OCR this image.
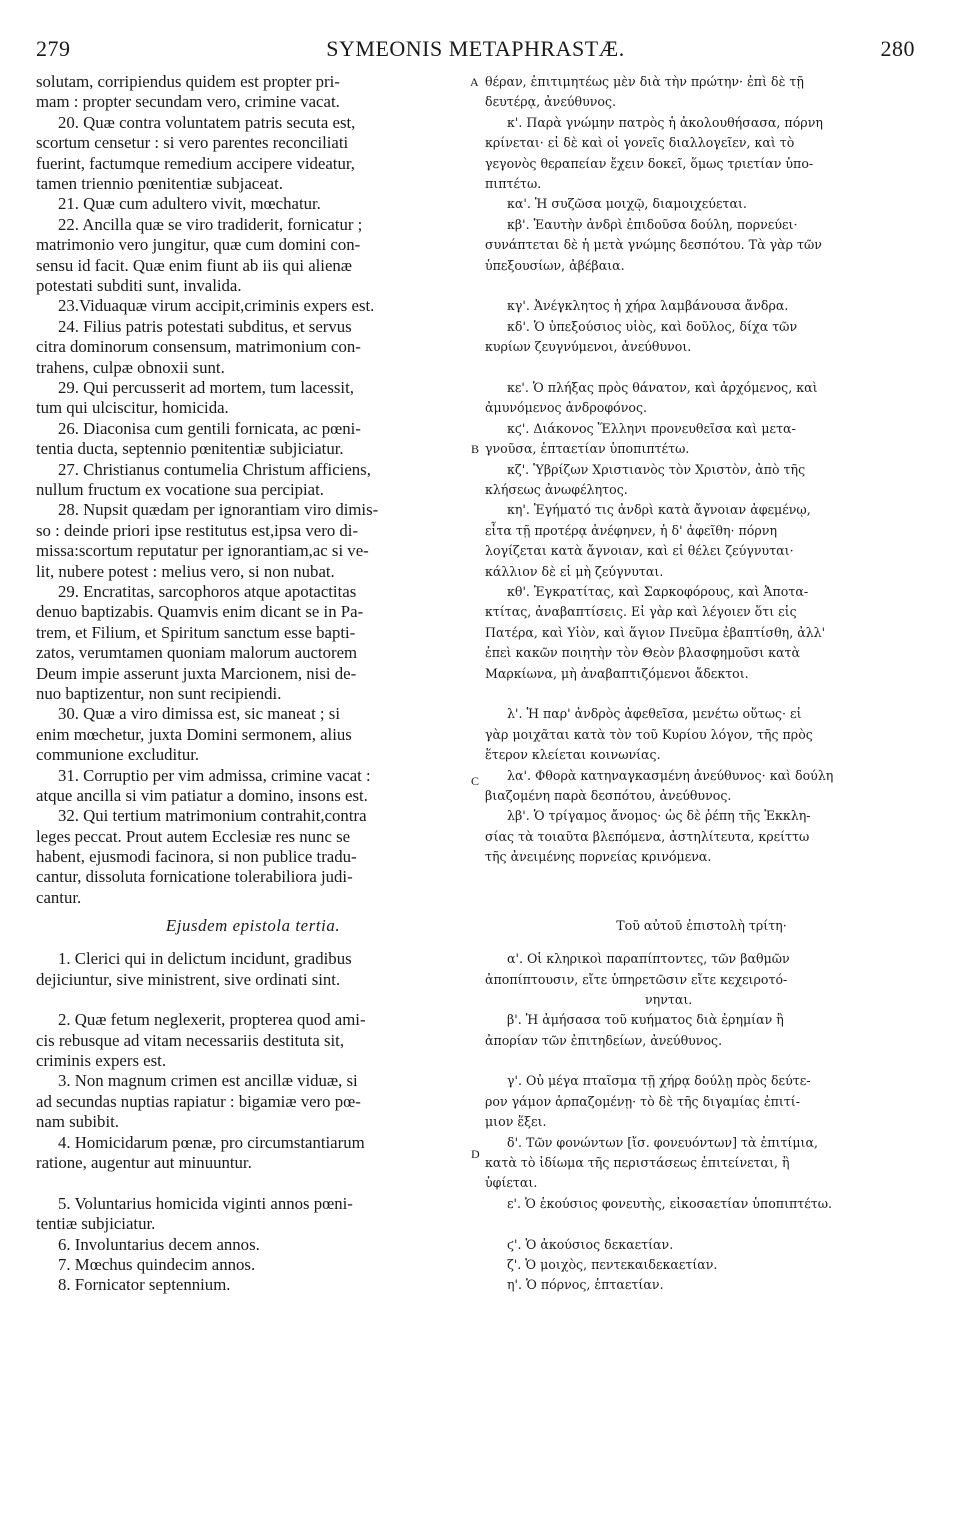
279	SYMEONIS METAPHRASTÆ.	280
A
B
C
D
solutam, corripiendus quidem est propter pri-
mam : propter secundam vero, crimine vacat.
20. Quæ contra voluntatem patris secuta est,
scortum censetur : si vero parentes reconciliati
fuerint, factumque remedium accipere videatur,
tamen triennio pœnitentiæ subjaceat.
21. Quæ cum adultero vivit, mœchatur.
22. Ancilla quæ se viro tradiderit, fornicatur ;
matrimonio vero jungitur, quæ cum domini con-
sensu id facit. Quæ enim fiunt ab iis qui alienæ
potestati subditi sunt, invalida.
23.Viduaquæ virum accipit,criminis expers est.
24. Filius patris potestati subditus, et servus
citra dominorum consensum, matrimonium con-
trahens, culpæ obnoxii sunt.
29. Qui percusserit ad mortem, tum lacessit,
tum qui ulciscitur, homicida.
26. Diaconisa cum gentili fornicata, ac pœni-
tentia ducta, septennio pœnitentiæ subjiciatur.
27. Christianus contumelia Christum afficiens,
nullum fructum ex vocatione sua percipiat.
28. Nupsit quædam per ignorantiam viro dimis-
so : deinde priori ipse restitutus est,ipsa vero di-
missa:scortum reputatur per ignorantiam,ac si ve-
lit, nubere potest : melius vero, si non nubat.
29. Encratitas, sarcophoros atque apotactitas
denuo baptizabis. Quamvis enim dicant se in Pa-
trem, et Filium, et Spiritum sanctum esse bapti-
zatos, verumtamen quoniam malorum auctorem
Deum impie asserunt juxta Marcionem, nisi de-
nuo baptizentur, non sunt recipiendi.
30. Quæ a viro dimissa est, sic maneat ; si
enim mœchetur, juxta Domini sermonem, alius
communione excluditur.
31. Corruptio per vim admissa, crimine vacat :
atque ancilla si vim patiatur a domino, insons est.
32. Qui tertium matrimonium contrahit,contra
leges peccat. Prout autem Ecclesiæ res nunc se
habent, ejusmodi facinora, si non publice tradu-
cantur, dissoluta fornicatione tolerabiliora judi-
cantur.
Ejusdem epistola tertia.
1. Clerici qui in delictum incidunt, gradibus
dejiciuntur, sive ministrent, sive ordinati sint.
2. Quæ fetum neglexerit, propterea quod ami-
cis rebusque ad vitam necessariis destituta sit,
criminis expers est.
3. Non magnum crimen est ancillæ viduæ, si
ad secundas nuptias rapiatur : bigamiæ vero pœ-
nam subibit.
4. Homicidarum pœnæ, pro circumstantiarum
ratione, augentur aut minuuntur.
5. Voluntarius homicida viginti annos pœni-
tentiæ subjiciatur.
6. Involuntarius decem annos.
7. Mœchus quindecim annos.
8. Fornicator septennium.
θέραν, ἐπιτιμητέως μὲν διὰ τὴν πρώτην· ἐπὶ δὲ τῇ
δευτέρᾳ, ἀνεύθυνος.
κ'. Παρὰ γνώμην πατρὸς ἡ ἀκολουθήσασα, πόρνη
κρίνεται· εἰ δὲ καὶ οἱ γονεῖς διαλλογεῖεν, καὶ τὸ
γεγονὸς θεραπείαν ἔχειν δοκεῖ, ὅμως τριετίαν ὑπο-
πιπτέτω.
κα'. Ἡ συζῶσα μοιχῷ, διαμοιχεύεται.
κβ'. Ἑαυτὴν ἀνδρὶ ἐπιδοῦσα δούλη, πορνεύει·
συνάπτεται δὲ ἡ μετὰ γνώμης δεσπότου. Τὰ γὰρ τῶν
ὑπεξουσίων, ἀβέβαια.
κγ'. Ἀνέγκλητος ἡ χήρα λαμβάνουσα ἄνδρα.
κδ'. Ὁ ὑπεξούσιος υἱὸς, καὶ δοῦλος, δίχα τῶν
κυρίων ζευγνύμενοι, ἀνεύθυνοι.
κε'. Ὁ πλήξας πρὸς θάνατον, καὶ ἀρχόμενος, καὶ
ἀμυνόμενος ἀνδροφόνος.
κϛ'. Διάκονος Ἕλληνι προνευθεῖσα καὶ μετα-
γνοῦσα, ἑπταετίαν ὑποπιπτέτω.
κζ'. Ὑβρίζων Χριστιανὸς τὸν Χριστὸν, ἀπὸ τῆς
κλήσεως ἀνωφέλητος.
κη'. Ἐγήματό τις ἀνδρὶ κατὰ ἄγνοιαν ἀφεμένῳ,
εἶτα τῇ προτέρᾳ ἀνέφηνεν, ἡ δ' ἀφεῖθη· πόρνη
λογίζεται κατὰ ἄγνοιαν, καὶ εἰ θέλει ζεύγνυται·
κάλλιον δὲ εἰ μὴ ζεύγνυται.
κθ'. Ἐγκρατίτας, καὶ Σαρκοφόρους, καὶ Ἀποτα-
κτίτας, ἀναβαπτίσεις. Εἰ γὰρ καὶ λέγοιεν ὅτι εἰς
Πατέρα, καὶ Υἱὸν, καὶ ἅγιον Πνεῦμα ἐβαπτίσθη, ἀλλ'
ἐπεὶ κακῶν ποιητὴν τὸν Θεὸν βλασφημοῦσι κατὰ
Μαρκίωνα, μὴ ἀναβαπτιζόμενοι ἄδεκτοι.
λ'. Ἡ παρ' ἀνδρὸς ἀφεθεῖσα, μενέτω οὕτως· εἰ
γὰρ μοιχᾶται κατὰ τὸν τοῦ Κυρίου λόγον, τῆς πρὸς
ἕτερον κλείεται κοινωνίας.
λα'. Φθορὰ κατηναγκασμένη ἀνεύθυνος· καὶ δούλη
βιαζομένη παρὰ δεσπότου, ἀνεύθυνος.
λβ'. Ὁ τρίγαμος ἄνομος· ὡς δὲ ῥέπη τῆς Ἐκκλη-
σίας τὰ τοιαῦτα βλεπόμενα, ἀστηλίτευτα, κρείττω
τῆς ἀνειμένης πορνείας κρινόμενα.
Τοῦ αὐτοῦ ἐπιστολὴ τρίτη·
α'. Οἱ κληρικοὶ παραπίπτοντες, τῶν βαθμῶν
ἀποπίπτουσιν, εἴτε ὑπηρετῶσιν εἴτε κεχειροτό-
νηνται.
β'. Ἡ ἀμήσασα τοῦ κυήματος διὰ ἐρημίαν ἢ
ἀπορίαν τῶν ἐπιτηδείων, ἀνεύθυνος.
γ'. Οὐ μέγα πταῖσμα τῇ χήρᾳ δούλῃ πρὸς δεύτε-
ρον γάμον ἁρπαζομένῃ· τὸ δὲ τῆς διγαμίας ἐπιτί-
μιον ἕξει.
δ'. Τῶν φονώντων [ἴσ. φονευόντων] τὰ ἐπιτίμια,
κατὰ τὸ ἰδίωμα τῆς περιστάσεως ἐπιτείνεται, ἢ
ὑφίεται.
ε'. Ὁ ἑκούσιος φονευτὴς, εἰκοσαετίαν ὑποπιπτέτω.
ϛ'. Ὁ ἀκούσιος δεκαετίαν.
ζ'. Ὁ μοιχὸς, πεντεκαιδεκαετίαν.
η'. Ὁ πόρνος, ἑπταετίαν.
